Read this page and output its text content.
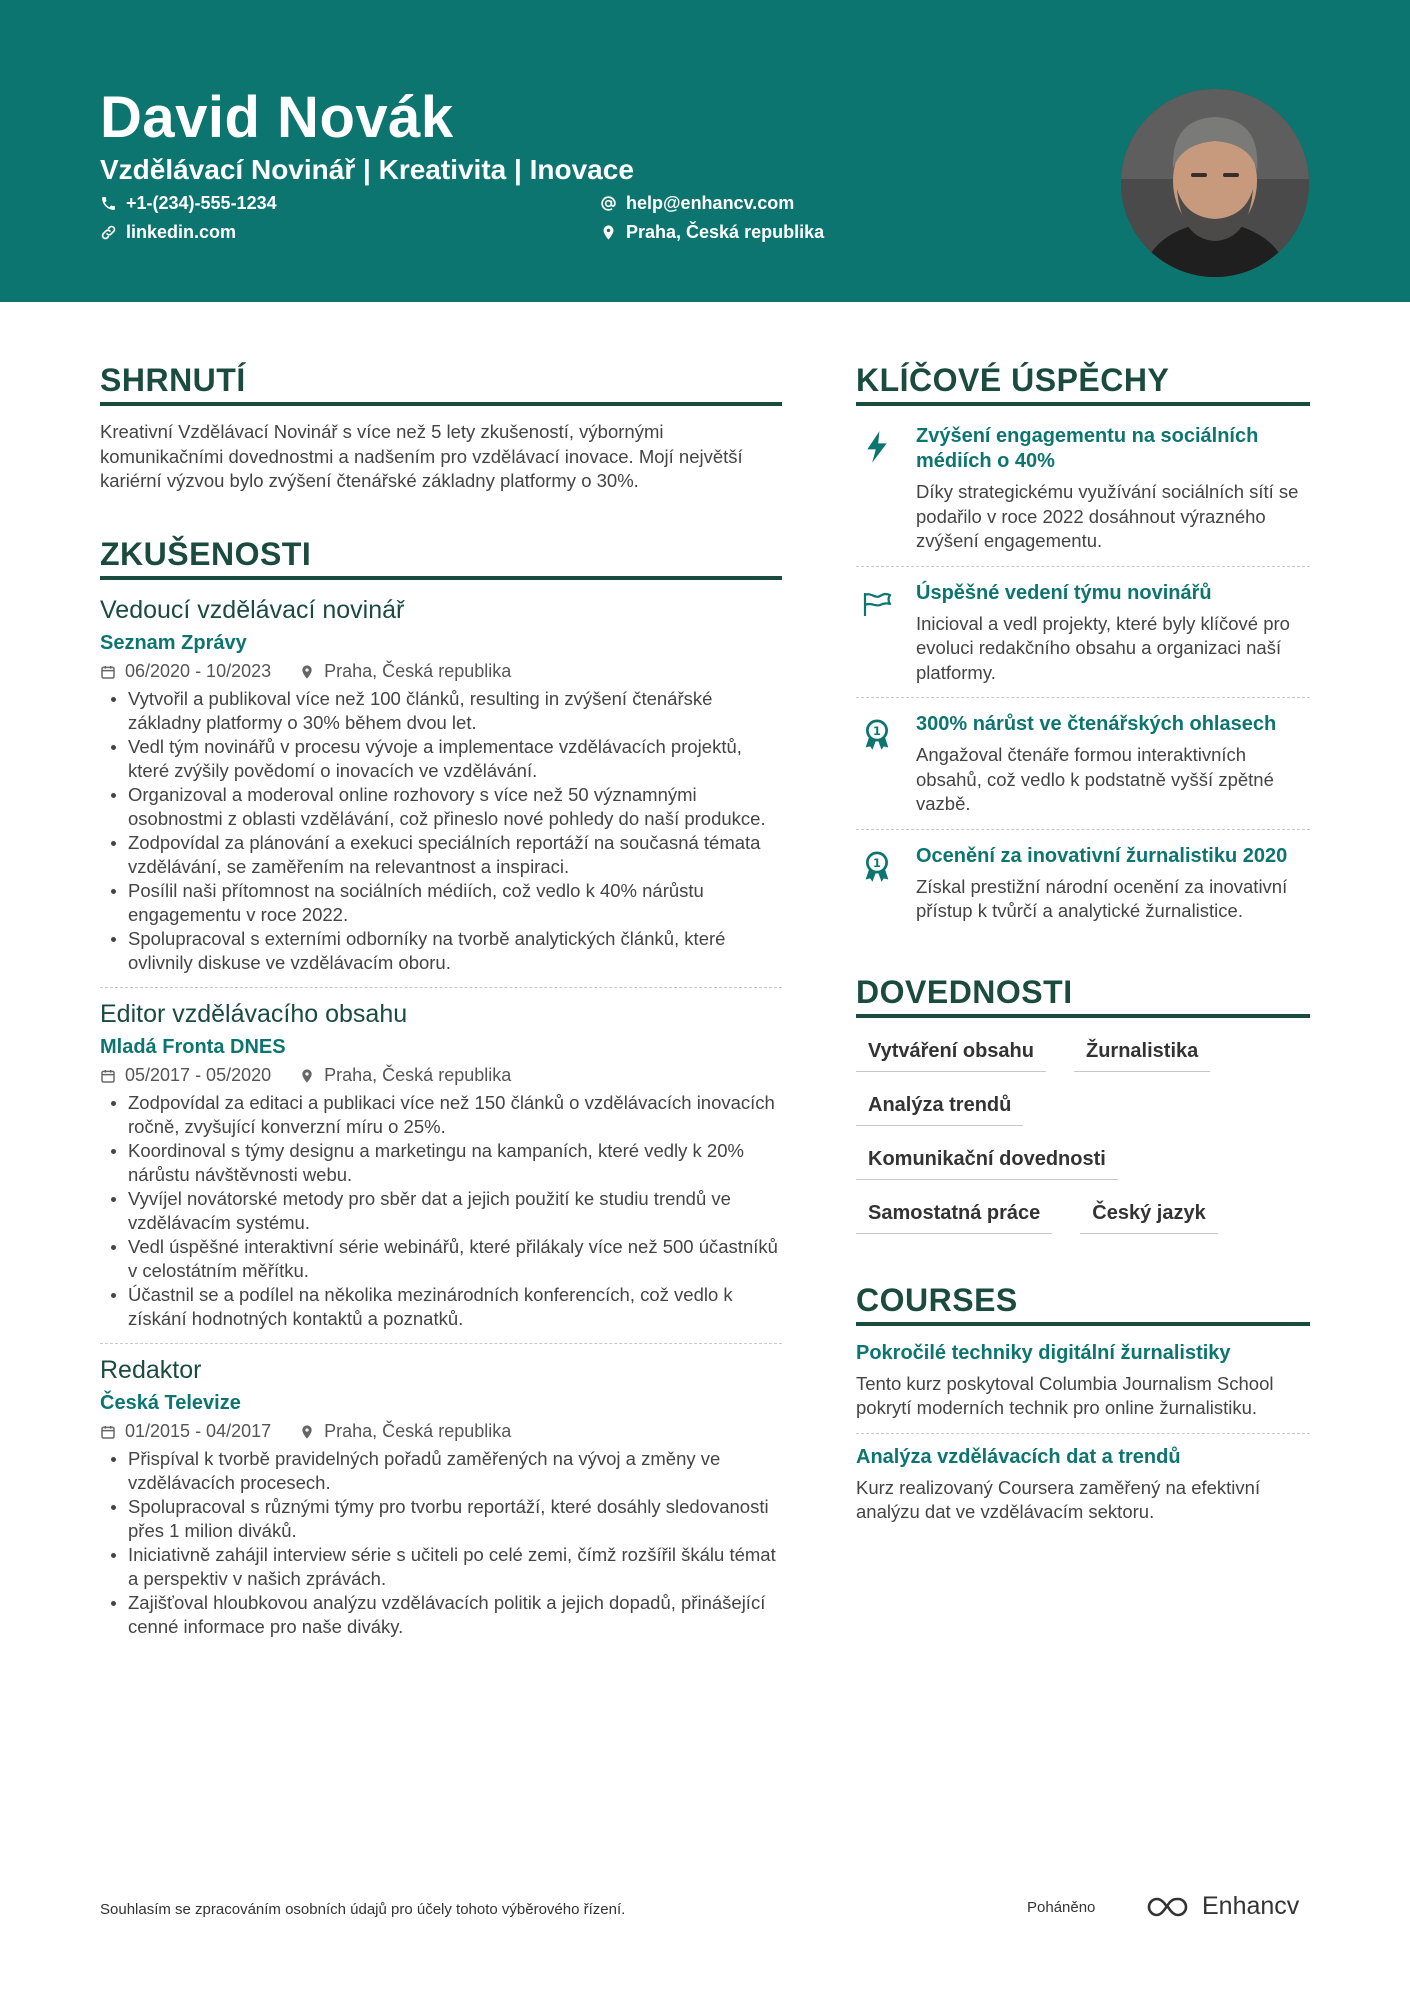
David Novák
Vzdělávací Novinář | Kreativita | Inovace
+1-(234)-555-1234	help@enhancv.com
linkedin.com	Praha, Česká republika
SHRNUTÍ

Kreativní Vzdělávací Novinář s více než 5 lety zkušeností, výbornými komunikačními dovednostmi a nadšením pro vzdělávací inovace. Mojí největší kariérní výzvou bylo zvýšení čtenářské základny platformy o 30%.

ZKUŠENOSTI
Vedoucí vzdělávací novinář
Seznam Zprávy
06/2020 - 10/2023	Praha, Česká republika
Vytvořil a publikoval více než 100 článků, resulting in zvýšení čtenářské základny platformy o 30% během dvou let.
Vedl tým novinářů v procesu vývoje a implementace vzdělávacích projektů, které zvýšily povědomí o inovacích ve vzdělávání.
Organizoval a moderoval online rozhovory s více než 50 významnými osobnostmi z oblasti vzdělávání, což přineslo nové pohledy do naší produkce.
Zodpovídal za plánování a exekuci speciálních reportáží na současná témata vzdělávání, se zaměřením na relevantnost a inspiraci.
Posílil naši přítomnost na sociálních médiích, což vedlo k 40% nárůstu engagementu v roce 2022.
Spolupracoval s externími odborníky na tvorbě analytických článků, které ovlivnily diskuse ve vzdělávacím oboru.
Editor vzdělávacího obsahu
Mladá Fronta DNES
05/2017 - 05/2020	Praha, Česká republika
Zodpovídal za editaci a publikaci více než 150 článků o vzdělávacích inovacích ročně, zvyšující konverzní míru o 25%.
Koordinoval s týmy designu a marketingu na kampaních, které vedly k 20% nárůstu návštěvnosti webu.
Vyvíjel novátorské metody pro sběr dat a jejich použití ke studiu trendů ve vzdělávacím systému.
Vedl úspěšné interaktivní série webinářů, které přilákaly více než 500 účastníků v celostátním měřítku.
Účastnil se a podílel na několika mezinárodních konferencích, což vedlo k získání hodnotných kontaktů a poznatků.
Redaktor
Česká Televize
01/2015 - 04/2017	Praha, Česká republika
Přispíval k tvorbě pravidelných pořadů zaměřených na vývoj a změny ve vzdělávacích procesech.
Spolupracoval s různými týmy pro tvorbu reportáží, které dosáhly sledovanosti přes 1 milion diváků.
Iniciativně zahájil interview série s učiteli po celé zemi, čímž rozšířil škálu témat a perspektiv v našich zprávách.
Zajišťoval hloubkovou analýzu vzdělávacích politik a jejich dopadů, přinášející cenné informace pro naše diváky.
KLÍČOVÉ ÚSPĚCHY
Zvýšení engagementu na sociálních médiích o 40%
Díky strategickému využívání sociálních sítí se podařilo v roce 2022 dosáhnout výrazného zvýšení engagementu.
Úspěšné vedení týmu novinářů
Inicioval a vedl projekty, které byly klíčové pro evoluci redakčního obsahu a organizaci naší platformy.
1 300% nárůst ve čtenářských ohlasech
Angažoval čtenáře formou interaktivních obsahů, což vedlo k podstatně vyšší zpětné vazbě.
1 Ocenění za inovativní žurnalistiku 2020
Získal prestižní národní ocenění za inovativní přístup k tvůrčí a analytické žurnalistice.
DOVEDNOSTI
Vytváření obsahu	Žurnalistika
Analýza trendů
Komunikační dovednosti
Samostatná práce	Český jazyk
COURSES
Pokročilé techniky digitální žurnalistiky
Tento kurz poskytoval Columbia Journalism School pokrytí moderních technik pro online žurnalistiku.
Analýza vzdělávacích dat a trendů
Kurz realizovaný Coursera zaměřený na efektivní analýzu dat ve vzdělávacím sektoru.
Souhlasím se zpracováním osobních údajů pro účely tohoto výběrového řízení.	Poháněno	Enhancv
